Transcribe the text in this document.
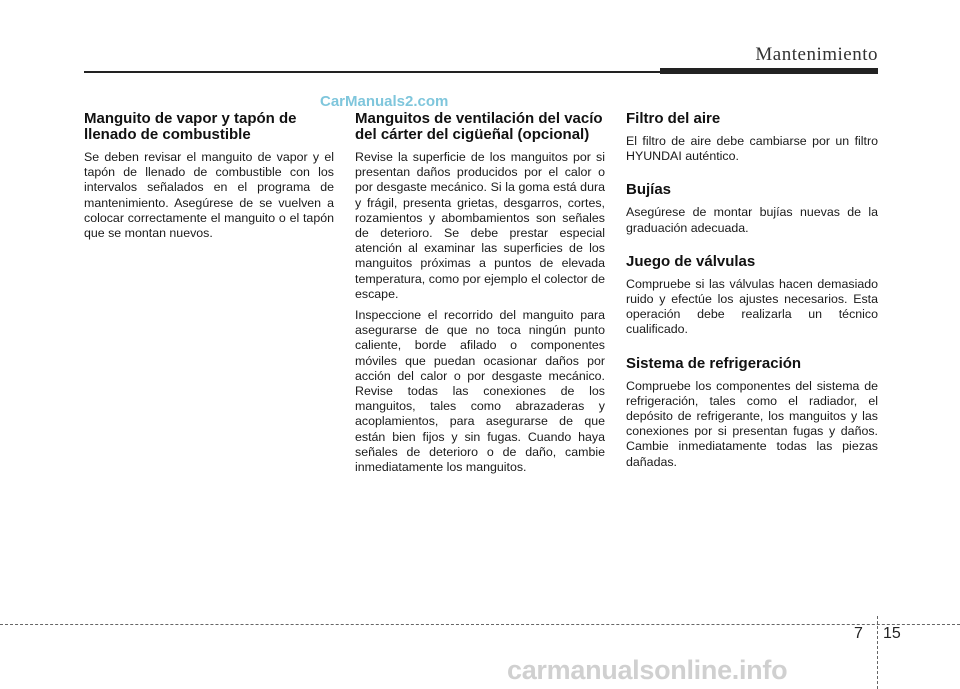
Mantenimiento
CarManuals2.com
Manguito de vapor y tapón de llenado de combustible

Se deben revisar el manguito de vapor y el tapón de llenado de combustible con los intervalos señalados en el programa de mantenimiento. Asegúrese de se vuelven a colocar correctamente el manguito o el tapón que se montan nuevos.

Manguitos de ventilación del vacío del cárter del cigüeñal (opcional)

Revise la superficie de los manguitos por si presentan daños producidos por el calor o por desgaste mecánico. Si la goma está dura y frágil, presenta grietas, desgarros, cortes, rozamientos y abombamientos son señales de deterioro. Se debe prestar especial atención al examinar las superficies de los manguitos próximas a puntos de elevada temperatura, como por ejemplo el colector de escape.

Inspeccione el recorrido del manguito para asegurarse de que no toca ningún punto caliente, borde afilado o componentes móviles que puedan ocasionar daños por acción del calor o por desgaste mecánico. Revise todas las conexiones de los manguitos, tales como abrazaderas y acoplamientos, para asegurarse de que están bien fijos y sin fugas. Cuando haya señales de deterioro o de daño, cambie inmediatamente los manguitos.

Filtro del aire

El filtro de aire debe cambiarse por un filtro HYUNDAI auténtico.

Bujías

Asegúrese de montar bujías nuevas de la graduación adecuada.

Juego de válvulas

Compruebe si las válvulas hacen demasiado ruido y efectúe los ajustes necesarios. Esta operación debe realizarla un técnico cualificado.

Sistema de refrigeración

Compruebe los componentes del sistema de refrigeración, tales como el radiador, el depósito de refrigerante, los manguitos y las conexiones por si presentan fugas y daños. Cambie inmediatamente todas las piezas dañadas.

7 15
carmanualsonline.info
